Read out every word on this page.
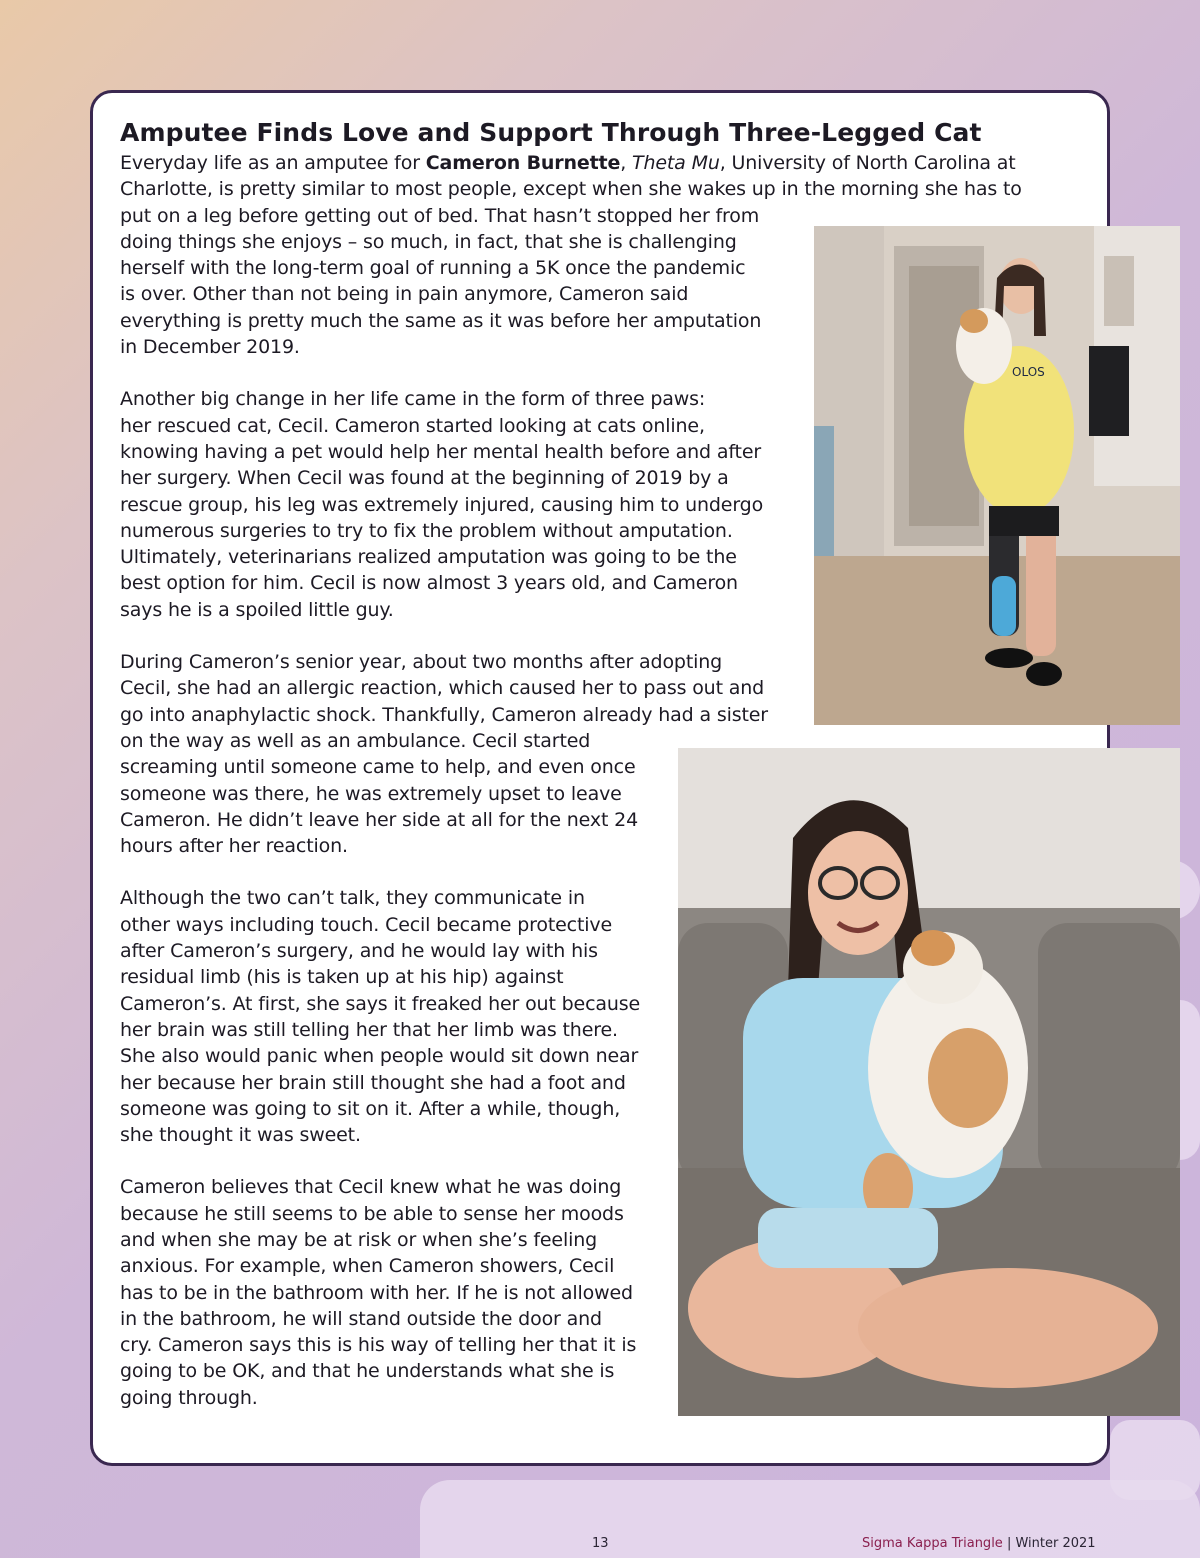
Amputee Finds Love and Support Through Three-Legged Cat

Everyday life as an amputee for Cameron Burnette, Theta Mu, University of North Carolina at

Charlotte, is pretty similar to most people, except when she wakes up in the morning she has to

put on a leg before getting out of bed. That hasn’t stopped her from

doing things she enjoys – so much, in fact, that she is challenging

herself with the long-term goal of running a 5K once the pandemic

is over. Other than not being in pain anymore, Cameron said

everything is pretty much the same as it was before her amputation

in December 2019.

Another big change in her life came in the form of three paws:

her rescued cat, Cecil. Cameron started looking at cats online,

knowing having a pet would help her mental health before and after

her surgery. When Cecil was found at the beginning of 2019 by a

rescue group, his leg was extremely injured, causing him to undergo

numerous surgeries to try to fix the problem without amputation.

Ultimately, veterinarians realized amputation was going to be the

best option for him. Cecil is now almost 3 years old, and Cameron

says he is a spoiled little guy.

During Cameron’s senior year, about two months after adopting

Cecil, she had an allergic reaction, which caused her to pass out and

go into anaphylactic shock. Thankfully, Cameron already had a sister

on the way as well as an ambulance. Cecil started

screaming until someone came to help, and even once

someone was there, he was extremely upset to leave

Cameron. He didn’t leave her side at all for the next 24

hours after her reaction.

Although the two can’t talk, they communicate in

other ways including touch. Cecil became protective

after Cameron’s surgery, and he would lay with his

residual limb (his is taken up at his hip) against

Cameron’s. At first, she says it freaked her out because

her brain was still telling her that her limb was there.

She also would panic when people would sit down near

her because her brain still thought she had a foot and

someone was going to sit on it. After a while, though,

she thought it was sweet.

Cameron believes that Cecil knew what he was doing

because he still seems to be able to sense her moods

and when she may be at risk or when she’s feeling

anxious. For example, when Cameron showers, Cecil

has to be in the bathroom with her. If he is not allowed

in the bathroom, he will stand outside the door and

cry. Cameron says this is his way of telling her that it is

going to be OK, and that he understands what she is

going through.

OLOS
13	Sigma Kappa Triangle | Winter 2021
